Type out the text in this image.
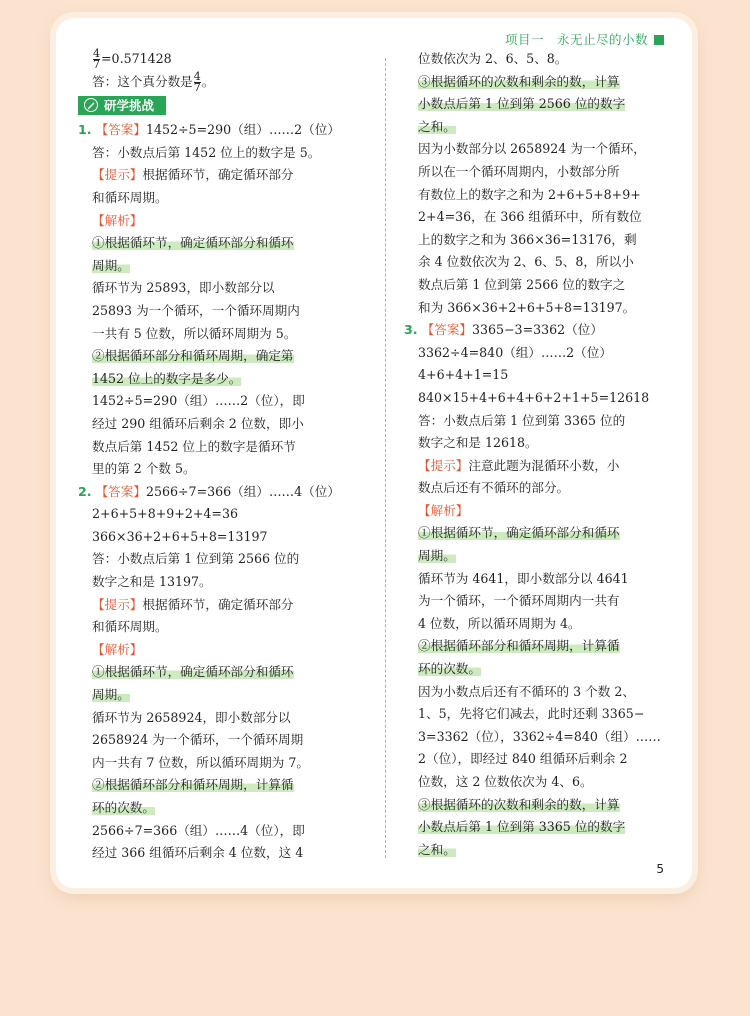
项目一　永无止尽的小数
$\frac{4}{7} =0.571428$
答：这个真分数是 $\frac{4}{7}$ 。
研学挑战
1. 【答案】1452÷5=290（组）……2（位）
答：小数点后第 1452 位上的数字是 5。
【提示】根据循环节，确定循环部分
和循环周期。
【解析】
①根据循环节，确定循环部分和循环
周期。
循环节为 25893，即小数部分以
25893 为一个循环，一个循环周期内
一共有 5 位数，所以循环周期为 5。
②根据循环部分和循环周期，确定第
1452 位上的数字是多少。
1452÷5=290（组）……2（位），即
经过 290 组循环后剩余 2 位数，即小
数点后第 1452 位上的数字是循环节
里的第 2 个数 5。
2. 【答案】2566÷7=366（组）……4（位）
2+6+5+8+9+2+4=36
366×36+2+6+5+8=13197
答：小数点后第 1 位到第 2566 位的
数字之和是 13197。
【提示】根据循环节，确定循环部分
和循环周期。
【解析】
①根据循环节，确定循环部分和循环
周期。
循环节为 2658924，即小数部分以
2658924 为一个循环，一个循环周期
内一共有 7 位数，所以循环周期为 7。
②根据循环部分和循环周期，计算循
环的次数。
2566÷7=366（组）……4（位），即
经过 366 组循环后剩余 4 位数，这 4
位数依次为 2、6、5、8。
③根据循环的次数和剩余的数，计算
小数点后第 1 位到第 2566 位的数字
之和。
因为小数部分以 2658924 为一个循环，
所以在一个循环周期内，小数部分所
有数位上的数字之和为 2+6+5+8+9+
2+4=36，在 366 组循环中，所有数位
上的数字之和为 366×36=13176，剩
余 4 位数依次为 2、6、5、8，所以小
数点后第 1 位到第 2566 位的数字之
和为 366×36+2+6+5+8=13197。
3. 【答案】3365−3=3362（位）
3362÷4=840（组）……2（位）
4+6+4+1=15
840×15+4+6+4+6+2+1+5=12618
答：小数点后第 1 位到第 3365 位的
数字之和是 12618。
【提示】注意此题为混循环小数，小
数点后还有不循环的部分。
【解析】
①根据循环节，确定循环部分和循环
周期。
循环节为 4641，即小数部分以 4641
为一个循环，一个循环周期内一共有
4 位数，所以循环周期为 4。
②根据循环部分和循环周期，计算循
环的次数。
因为小数点后还有不循环的 3 个数 2、
1、5，先将它们减去，此时还剩 3365−
3=3362（位），3362÷4=840（组）……
2（位），即经过 840 组循环后剩余 2
位数，这 2 位数依次为 4、6。
③根据循环的次数和剩余的数，计算
小数点后第 1 位到第 3365 位的数字
之和。
5
